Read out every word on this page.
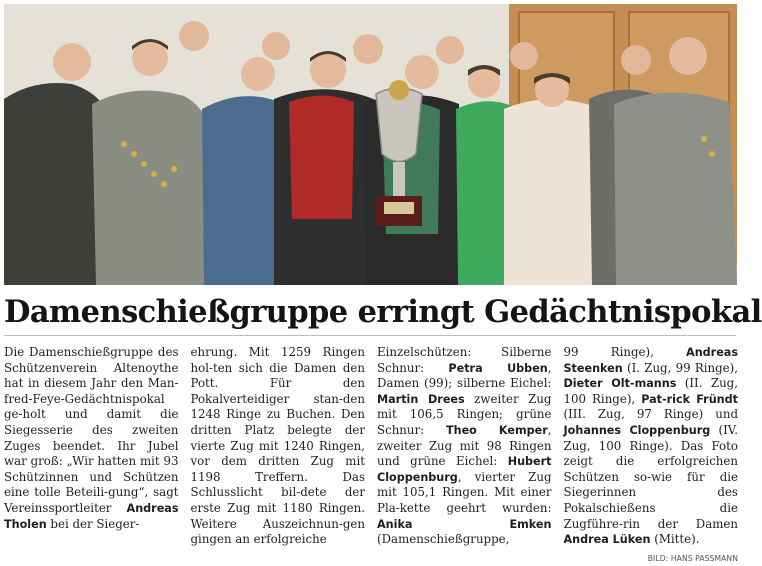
Damenschießgruppe erringt Gedächtnispokal
Die Damenschießgruppe des Schützenverein Altenoythe hat in diesem Jahr den Man-fred-Feye-Gedächtnispokal ge-holt und damit die Siegesserie des zweiten Zuges beendet. Ihr Jubel war groß: „Wir hatten mit 93 Schützinnen und Schützen eine tolle Beteili-gung“, sagt Vereinssportleiter Andreas Tholen bei der Sieger-
ehrung. Mit 1259 Ringen hol-ten sich die Damen den Pott. Für den Pokalverteidiger stan-den 1248 Ringe zu Buchen. Den dritten Platz belegte der vierte Zug mit 1240 Ringen, vor dem dritten Zug mit 1198 Treffern. Das Schlusslicht bil-dete der erste Zug mit 1180 Ringen. Weitere Auszeichnun-gen gingen an erfolgreiche
Einzelschützen: Silberne Schnur: Petra Ubben, Damen (99); silberne Eichel: Martin Drees zweiter Zug mit 106,5 Ringen; grüne Schnur: Theo Kemper, zweiter Zug mit 98 Ringen und grüne Eichel: Hubert Cloppenburg, vierter Zug mit 105,1 Ringen. Mit einer Pla-kette geehrt wurden: Anika Emken (Damenschießgruppe,
99 Ringe), Andreas Steenken (I. Zug, 99 Ringe), Dieter Olt-manns (II. Zug, 100 Ringe), Pat-rick Fründt (III. Zug, 97 Ringe) und Johannes Cloppenburg (IV. Zug, 100 Ringe). Das Foto zeigt die erfolgreichen Schützen so-wie für die Siegerinnen des Pokalschießens die Zugführe-rin der Damen Andrea Lüken (Mitte).
BILD: HANS PASSMANN
